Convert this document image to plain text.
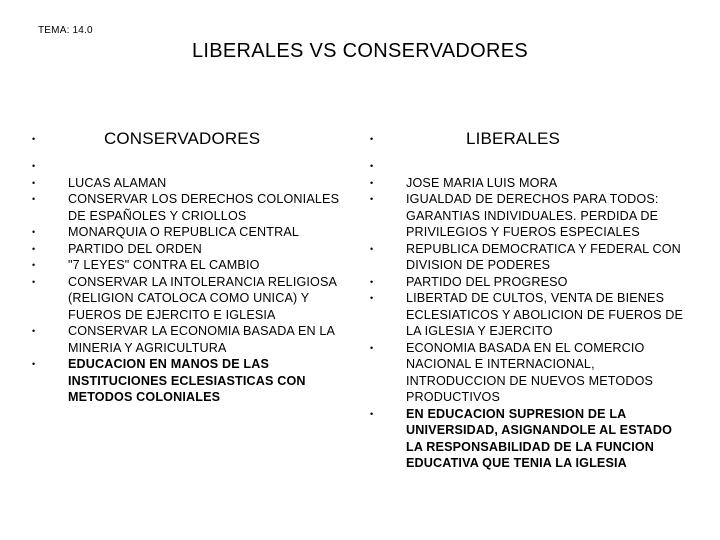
TEMA: 14.0
LIBERALES VS CONSERVADORES
•	CONSERVADORES
•
•	LUCAS ALAMAN
•	CONSERVAR LOS DERECHOS COLONIALES DE ESPAÑOLES Y CRIOLLOS
•	MONARQUIA O REPUBLICA CENTRAL
•	PARTIDO DEL ORDEN
•	"7 LEYES" CONTRA EL CAMBIO
•	CONSERVAR LA INTOLERANCIA RELIGIOSA (RELIGION CATOLOCA COMO UNICA) Y FUEROS DE EJERCITO E IGLESIA
•	CONSERVAR LA ECONOMIA BASADA EN LA MINERIA Y AGRICULTURA
•	EDUCACION EN MANOS DE LAS INSTITUCIONES ECLESIASTICAS CON METODOS COLONIALES
•	LIBERALES
•
•	JOSE MARIA LUIS MORA
•	IGUALDAD DE DERECHOS PARA TODOS: GARANTIAS INDIVIDUALES. PERDIDA DE PRIVILEGIOS Y FUEROS ESPECIALES
•	REPUBLICA DEMOCRATICA Y FEDERAL CON DIVISION DE PODERES
•	PARTIDO DEL PROGRESO
•	LIBERTAD DE CULTOS, VENTA DE BIENES ECLESIATICOS Y ABOLICION DE FUEROS DE LA IGLESIA Y EJERCITO
•	ECONOMIA BASADA EN EL COMERCIO NACIONAL E INTERNACIONAL, INTRODUCCION DE NUEVOS METODOS PRODUCTIVOS
•	EN EDUCACION SUPRESION DE LA UNIVERSIDAD, ASIGNANDOLE AL ESTADO LA RESPONSABILIDAD DE LA FUNCION EDUCATIVA QUE TENIA LA IGLESIA
